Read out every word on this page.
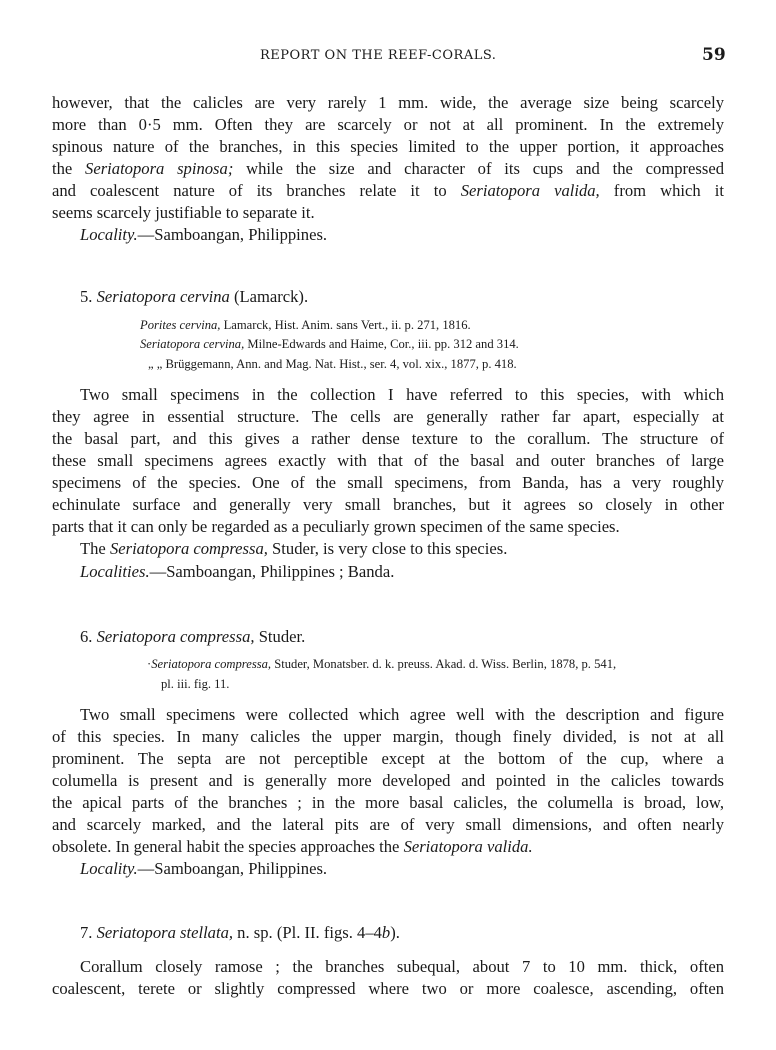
REPORT ON THE REEF-CORALS.	59
however, that the calicles are very rarely 1 mm. wide, the average size being scarcely
more than 0·5 mm. Often they are scarcely or not at all prominent. In the extremely
spinous nature of the branches, in this species limited to the upper portion, it approaches
the Seriatopora spinosa; while the size and character of its cups and the compressed
and coalescent nature of its branches relate it to Seriatopora valida, from which it
seems scarcely justifiable to separate it.
Locality.—Samboangan, Philippines.
5. Seriatopora cervina (Lamarck).
Porites cervina, Lamarck, Hist. Anim. sans Vert., ii. p. 271, 1816.
Seriatopora cervina, Milne-Edwards and Haime, Cor., iii. pp. 312 and 314.
„ „ Brüggemann, Ann. and Mag. Nat. Hist., ser. 4, vol. xix., 1877, p. 418.
Two small specimens in the collection I have referred to this species, with which
they agree in essential structure. The cells are generally rather far apart, especially at
the basal part, and this gives a rather dense texture to the corallum. The structure of
these small specimens agrees exactly with that of the basal and outer branches of large
specimens of the species. One of the small specimens, from Banda, has a very roughly
echinulate surface and generally very small branches, but it agrees so closely in other
parts that it can only be regarded as a peculiarly grown specimen of the same species.
The Seriatopora compressa, Studer, is very close to this species.
Localities.—Samboangan, Philippines ; Banda.
6. Seriatopora compressa, Studer.
·Seriatopora compressa, Studer, Monatsber. d. k. preuss. Akad. d. Wiss. Berlin, 1878, p. 541,
pl. iii. fig. 11.
Two small specimens were collected which agree well with the description and figure
of this species. In many calicles the upper margin, though finely divided, is not at all
prominent. The septa are not perceptible except at the bottom of the cup, where a
columella is present and is generally more developed and pointed in the calicles towards
the apical parts of the branches ; in the more basal calicles, the columella is broad, low,
and scarcely marked, and the lateral pits are of very small dimensions, and often nearly
obsolete. In general habit the species approaches the Seriatopora valida.
Locality.—Samboangan, Philippines.
7. Seriatopora stellata, n. sp. (Pl. II. figs. 4–4b).
Corallum closely ramose ; the branches subequal, about 7 to 10 mm. thick, often
coalescent, terete or slightly compressed where two or more coalesce, ascending, often
